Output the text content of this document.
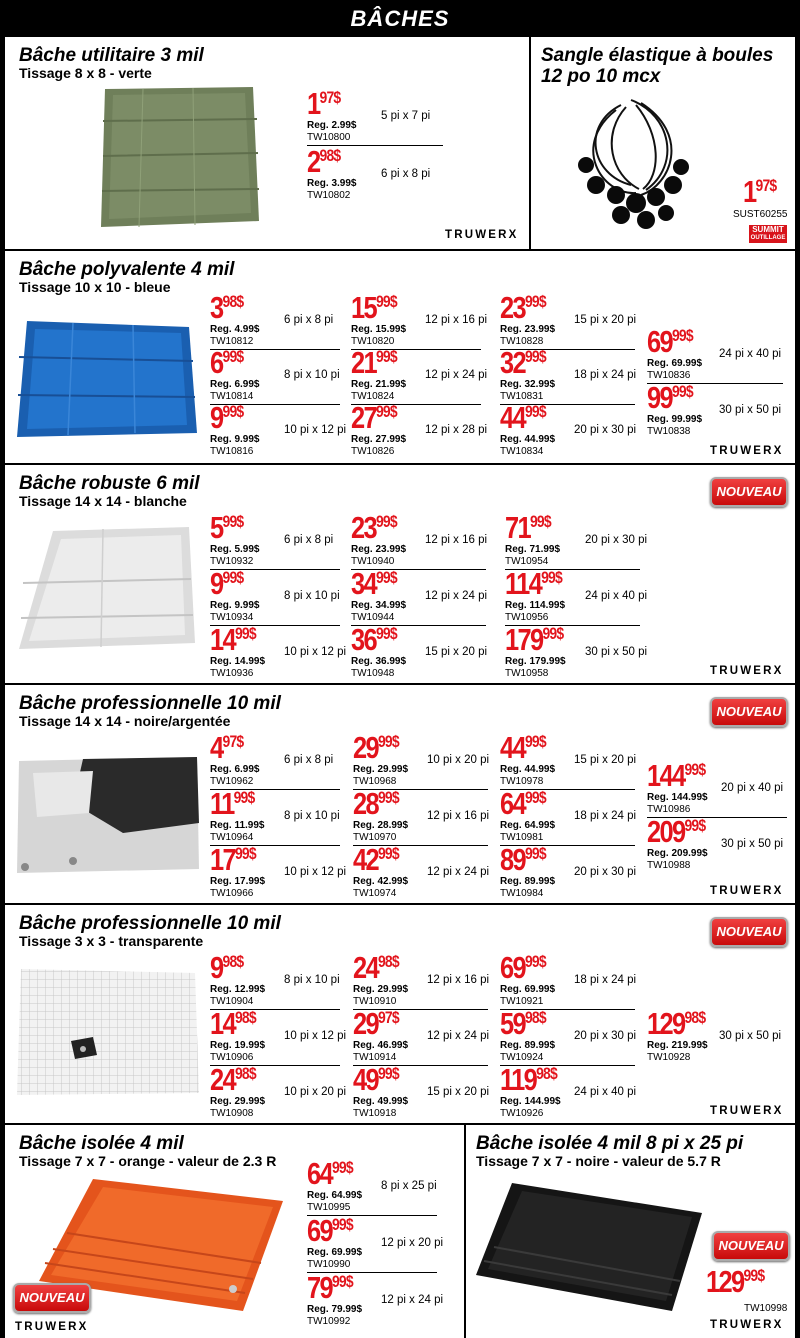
BÂCHES
Bâche utilitaire 3 mil
Tissage 8 x 8 - verte
TRUWERX
$1^{97\$}$
Reg. 2.99$
TW10800
5 pi x 7 pi
$2^{98\$}$
Reg. 3.99$
TW10802
6 pi x 8 pi
Sangle élastique à boules 12 po 10 mcx
$1^{97\$}$
SUST60255
SUMMIT
OUTILLAGE
Bâche polyvalente 4 mil
Tissage 10 x 10 - bleue
TRUWERX
$3^{98\$}$
Reg. 4.99$
TW10812
6 pi x 8 pi
$6^{99\$}$
Reg. 6.99$
TW10814
8 pi x 10 pi
$9^{99\$}$
Reg. 9.99$
TW10816
10 pi x 12 pi
$15^{99\$}$
Reg. 15.99$
TW10820
12 pi x 16 pi
$21^{99\$}$
Reg. 21.99$
TW10824
12 pi x 24 pi
$27^{99\$}$
Reg. 27.99$
TW10826
12 pi x 28 pi
$23^{99\$}$
Reg. 23.99$
TW10828
15 pi x 20 pi
$32^{99\$}$
Reg. 32.99$
TW10831
18 pi x 24 pi
$44^{99\$}$
Reg. 44.99$
TW10834
20 pi x 30 pi
$69^{99\$}$
Reg. 69.99$
TW10836
24 pi x 40 pi
$99^{99\$}$
Reg. 99.99$
TW10838
30 pi x 50 pi
Bâche robuste 6 mil
Tissage 14 x 14 - blanche
NOUVEAU
TRUWERX
$5^{99\$}$
Reg. 5.99$
TW10932
6 pi x 8 pi
$9^{99\$}$
Reg. 9.99$
TW10934
8 pi x 10 pi
$14^{99\$}$
Reg. 14.99$
TW10936
10 pi x 12 pi
$23^{99\$}$
Reg. 23.99$
TW10940
12 pi x 16 pi
$34^{99\$}$
Reg. 34.99$
TW10944
12 pi x 24 pi
$36^{99\$}$
Reg. 36.99$
TW10948
15 pi x 20 pi
$71^{99\$}$
Reg. 71.99$
TW10954
20 pi x 30 pi
$114^{99\$}$
Reg. 114.99$
TW10956
24 pi x 40 pi
$179^{99\$}$
Reg. 179.99$
TW10958
30 pi x 50 pi
Bâche professionnelle 10 mil
Tissage 14 x 14 - noire/argentée
NOUVEAU
TRUWERX
$4^{97\$}$
Reg. 6.99$
TW10962
6 pi x 8 pi
$11^{99\$}$
Reg. 11.99$
TW10964
8 pi x 10 pi
$17^{99\$}$
Reg. 17.99$
TW10966
10 pi x 12 pi
$29^{99\$}$
Reg. 29.99$
TW10968
10 pi x 20 pi
$28^{99\$}$
Reg. 28.99$
TW10970
12 pi x 16 pi
$42^{99\$}$
Reg. 42.99$
TW10974
12 pi x 24 pi
$44^{99\$}$
Reg. 44.99$
TW10978
15 pi x 20 pi
$64^{99\$}$
Reg. 64.99$
TW10981
18 pi x 24 pi
$89^{99\$}$
Reg. 89.99$
TW10984
20 pi x 30 pi
$144^{99\$}$
Reg. 144.99$
TW10986
20 pi x 40 pi
$209^{99\$}$
Reg. 209.99$
TW10988
30 pi x 50 pi
Bâche professionnelle 10 mil
Tissage 3 x 3 - transparente
NOUVEAU
TRUWERX
$9^{98\$}$
Reg. 12.99$
TW10904
8 pi x 10 pi
$14^{98\$}$
Reg. 19.99$
TW10906
10 pi x 12 pi
$24^{98\$}$
Reg. 29.99$
TW10908
10 pi x 20 pi
$24^{98\$}$
Reg. 29.99$
TW10910
12 pi x 16 pi
$29^{97\$}$
Reg. 46.99$
TW10914
12 pi x 24 pi
$49^{99\$}$
Reg. 49.99$
TW10918
15 pi x 20 pi
$69^{99\$}$
Reg. 69.99$
TW10921
18 pi x 24 pi
$59^{98\$}$
Reg. 89.99$
TW10924
20 pi x 30 pi
$119^{98\$}$
Reg. 144.99$
TW10926
24 pi x 40 pi
$129^{98\$}$
Reg. 219.99$
TW10928
30 pi x 50 pi
Bâche isolée 4 mil
Tissage 7 x 7 - orange - valeur de 2.3 R
NOUVEAU
TRUWERX
$64^{99\$}$
Reg. 64.99$
TW10995
8 pi x 25 pi
$69^{99\$}$
Reg. 69.99$
TW10990
12 pi x 20 pi
$79^{99\$}$
Reg. 79.99$
TW10992
12 pi x 24 pi
Bâche isolée 4 mil 8 pi x 25 pi
Tissage 7 x 7 - noire - valeur de 5.7 R
NOUVEAU
$129^{99\$}$
TW10998
TRUWERX
